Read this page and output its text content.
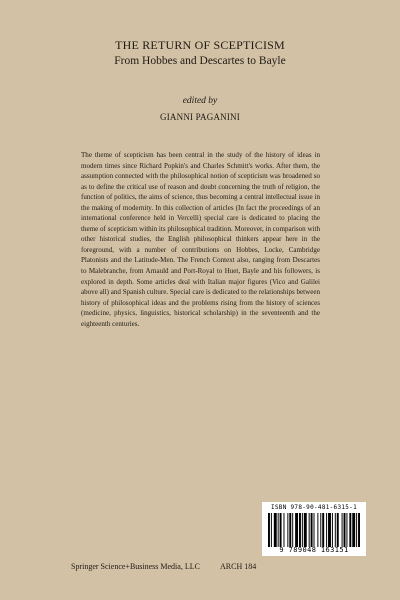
THE RETURN OF SCEPTICISM
From Hobbes and Descartes to Bayle
edited by
GIANNI PAGANINI

The theme of scepticism has been central in the study of the history of ideas in modern times since Richard Popkin's and Charles Schmitt's works. After them, the assumption connected with the philosophical notion of scepticism was broadened so as to define the critical use of reason and doubt concerning the truth of religion, the function of politics, the aims of science, thus becoming a central intellectual issue in the making of modernity. In this collection of articles (In fact the proceedings of an international conference held in Vercelli) special care is dedicated to placing the theme of scepticism within its philosophical tradition. Moreover, in comparison with other historical studies, the English philosophical thinkers appear here in the foreground, with a number of contributions on Hobbes, Locke, Cambridge Platonists and the Latitude-Men. The French Context also, ranging from Descartes to Malebranche, from Arnauld and Port-Royal to Huet, Bayle and his followers, is explored in depth. Some articles deal with Italian major figures (Vico and Galilei above all) and Spanish culture. Special care is dedicated to the relationships between history of philosophical ideas and the problems rising from the history of sciences (medicine, physics, linguistics, historical scholarship) in the seventeenth and the eighteenth centuries.

ISBN 978-90-481-6315-1
9 789048 163151
Springer Science+Business Media, LLC	ARCH 184
